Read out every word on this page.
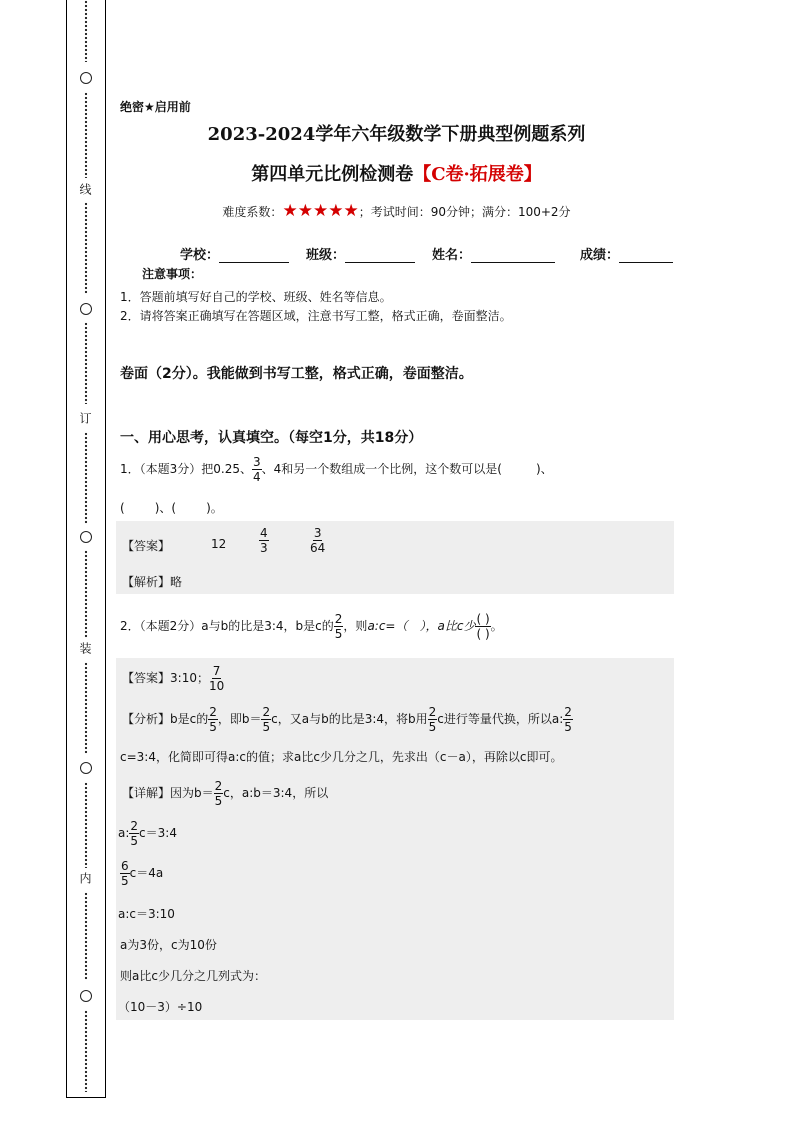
线
订
装
内
绝密★启用前
2023-2024学年六年级数学下册典型例题系列
第四单元比例检测卷【C卷·拓展卷】
难度系数：★★★★★；考试时间：90分钟；满分：100+2分
学校：	班级：	姓名：	成绩：
注意事项：
1．答题前填写好自己的学校、班级、姓名等信息。
2．请将答案正确填写在答题区域，注意书写工整，格式正确，卷面整洁。
卷面（2分）。我能做到书写工整，格式正确，卷面整洁。
一、用心思考，认真填空。（每空1分，共18分）
1．（本题3分）把0.25、 $\frac{3}{4}$ 、4和另一个数组成一个比例，这个数可以是(	)、
(	)、(	)。
【答案】	12	$\frac{4}{3}$	$\frac{3}{64}$
【解析】略
2．（本题2分）a与b的比是3:4，b是c的 $\frac{2}{5}$ ，则a:c=（　），a比c少 $\frac{( )}{( )}$ 。
【答案】3:10； $\frac{7}{10}$
【分析】b是c的 $\frac{2}{5}$ ，即$b= \frac{2}{5}$ c，又a与b的比是3:4，将b用 $\frac{2}{5}$ c进行等量代换，所以a: $\frac{2}{5}$
c=3:4，化简即可得a:c的值；求a比c少几分之几，先求出（c－a），再除以c即可。
【详解】因为$b= \frac{2}{5}$ c，a:b＝3:4，所以
a: $\frac{2}{5}$ c＝3:4
$\frac{6}{5} c=4a$
a:c＝3:10
a为3份，c为10份
则a比c少几分之几列式为：
（10－3）÷10
